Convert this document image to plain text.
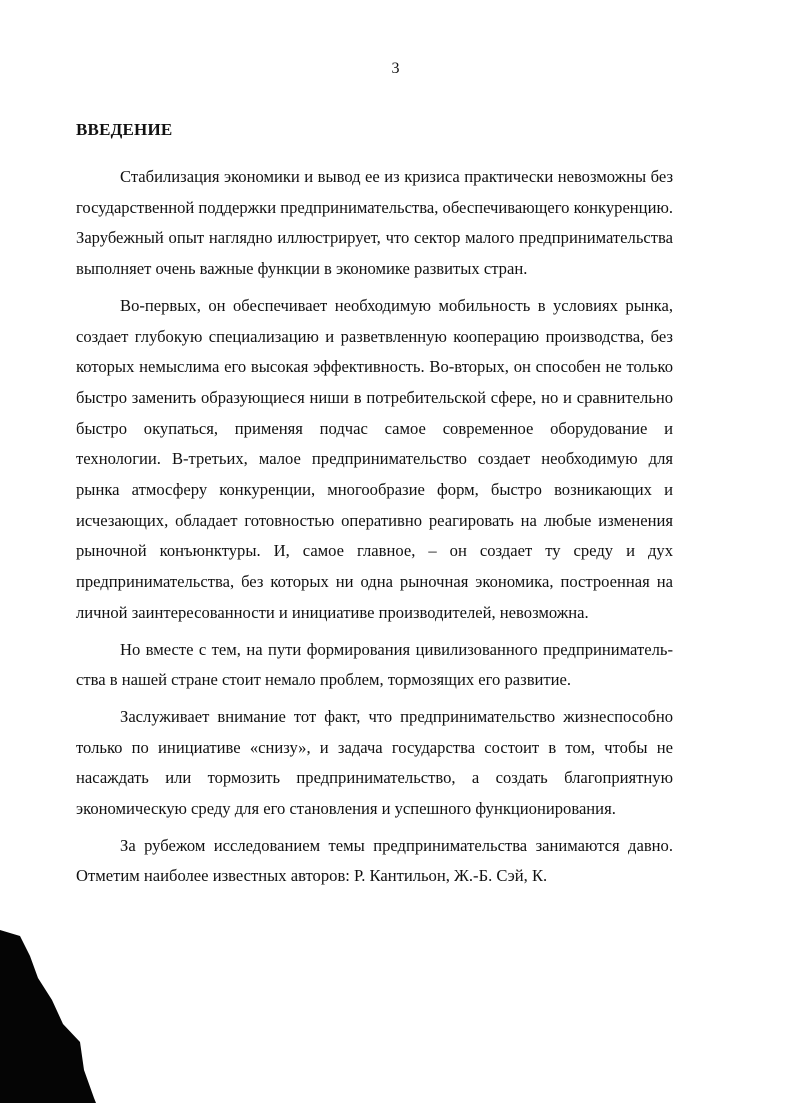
3
ВВЕДЕНИЕ

Стабилизация экономики и вывод ее из кризиса практически невозможны без государственной поддержки предпринимательства, обеспечивающего конкуренцию. Зарубежный опыт наглядно иллюстрирует, что сектор малого предпринимательства выполняет очень важные функции в экономике развитых стран.

Во-первых, он обеспечивает необходимую мобильность в условиях рынка, создает глубокую специализацию и разветвленную кооперацию производства, без которых немыслима его высокая эффективность. Во-вторых, он способен не только быстро заменить образующиеся ниши в потребительской сфере, но и сравнительно быстро окупаться, применяя подчас самое современное оборудование и технологии. В-третьих, малое предпринимательство создает необходимую для рынка атмосферу конкуренции, многообразие форм, быстро возникающих и исчезающих, обладает готовностью оперативно реагировать на любые изменения рыночной конъюнктуры. И, самое главное, – он создает ту среду и дух предпринимательства, без которых ни одна рыночная экономика, построенная на личной заинтересованности и инициативе производителей, невозможна.

Но вместе с тем, на пути формирования цивилизованного предпринимательства в нашей стране стоит немало проблем, тормозящих его развитие.

Заслуживает внимание тот факт, что предпринимательство жизнеспособно только по инициативе «снизу», и задача государства состоит в том, чтобы не насаждать или тормозить предпринимательство, а создать благоприятную экономическую среду для его становления и успешного функционирования.

За рубежом исследованием темы предпринимательства занимаются давно. Отметим наиболее известных авторов: Р. Кантильон, Ж.-Б. Сэй, К.
